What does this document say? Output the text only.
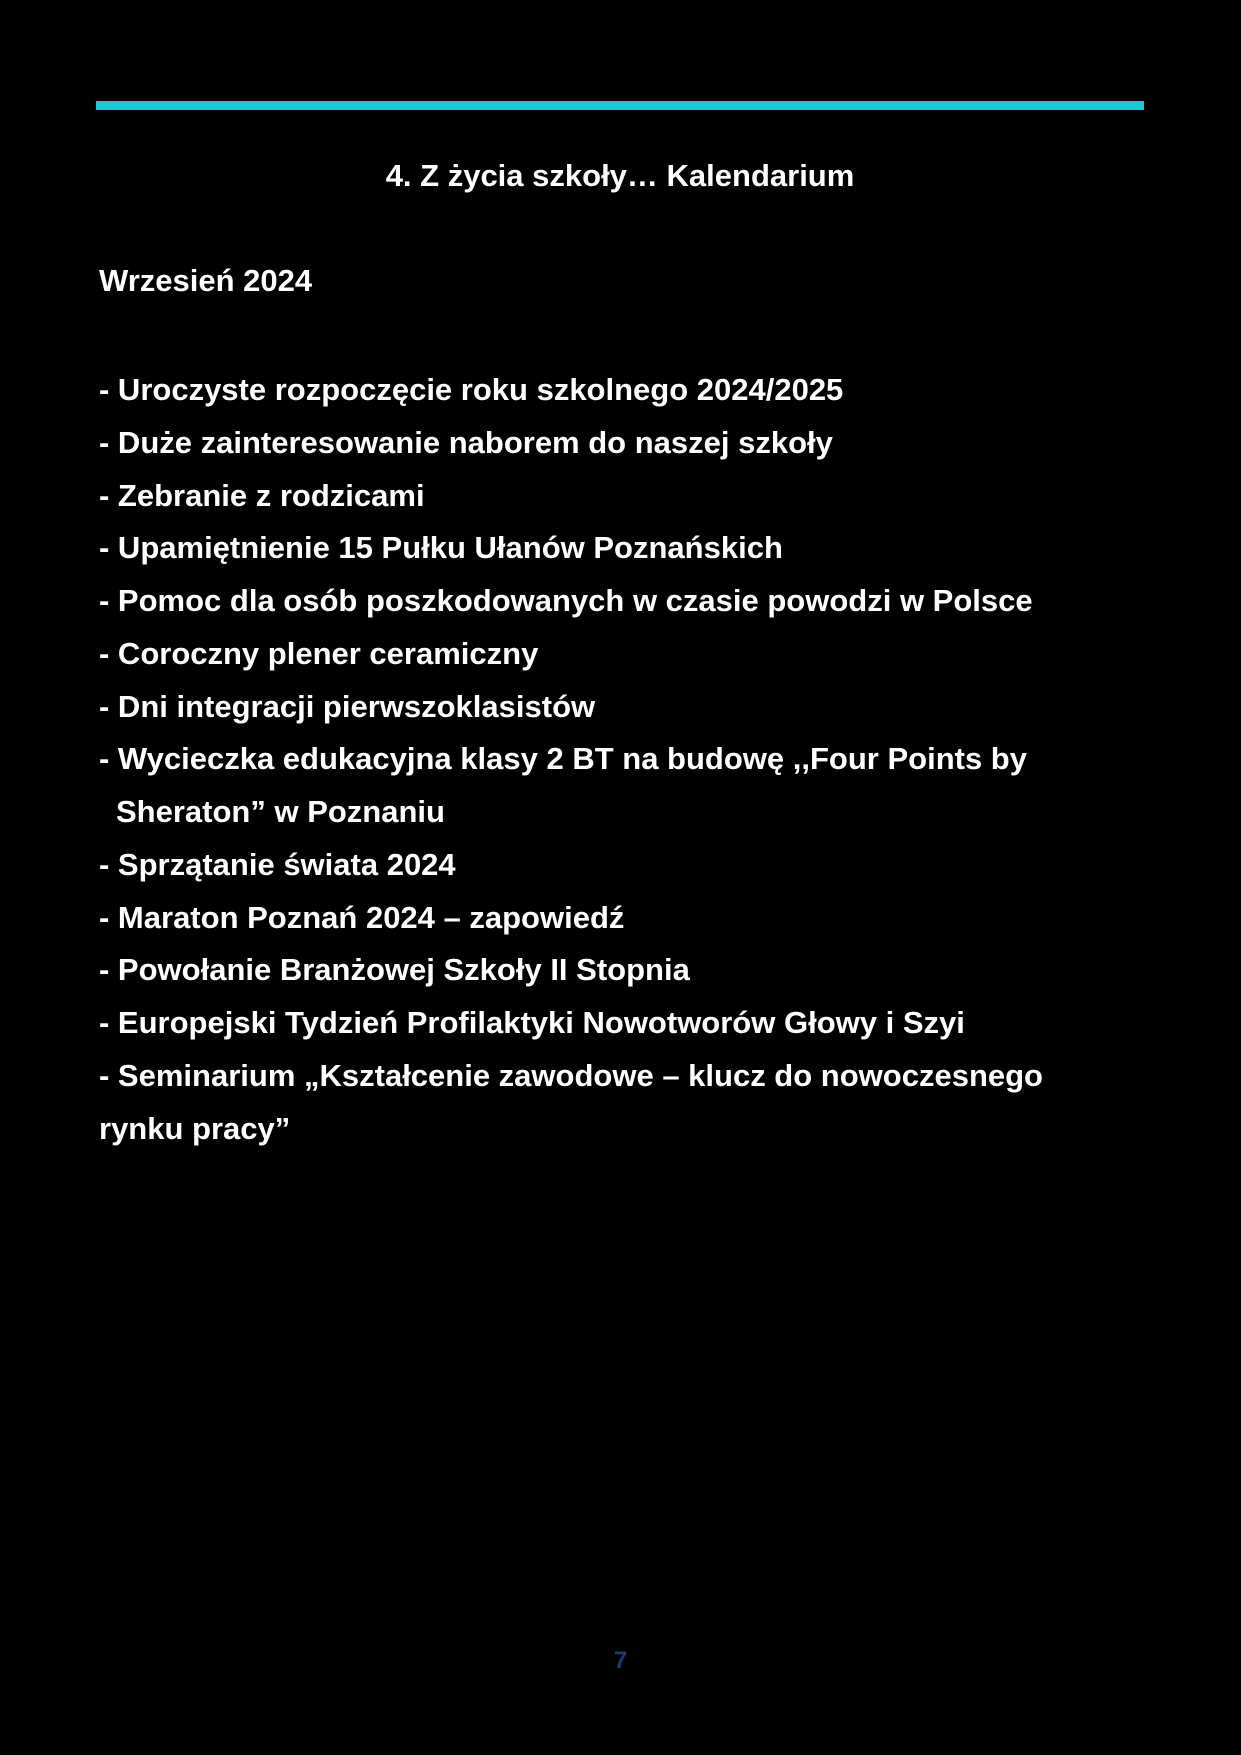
4. Z życia szkoły… Kalendarium
Wrzesień 2024
- Uroczyste rozpoczęcie roku szkolnego 2024/2025
- Duże zainteresowanie naborem do naszej szkoły
- Zebranie z rodzicami
- Upamiętnienie 15 Pułku Ułanów Poznańskich
- Pomoc dla osób poszkodowanych w czasie powodzi w Polsce
- Coroczny plener ceramiczny
- Dni integracji pierwszoklasistów
- Wycieczka edukacyjna klasy 2 BT na budowę ,,Four Points by
Sheraton” w Poznaniu
- Sprzątanie świata 2024
- Maraton Poznań 2024 – zapowiedź
- Powołanie Branżowej Szkoły II Stopnia
- Europejski Tydzień Profilaktyki Nowotworów Głowy i Szyi
- Seminarium „Kształcenie zawodowe – klucz do nowoczesnego
rynku pracy”
7
